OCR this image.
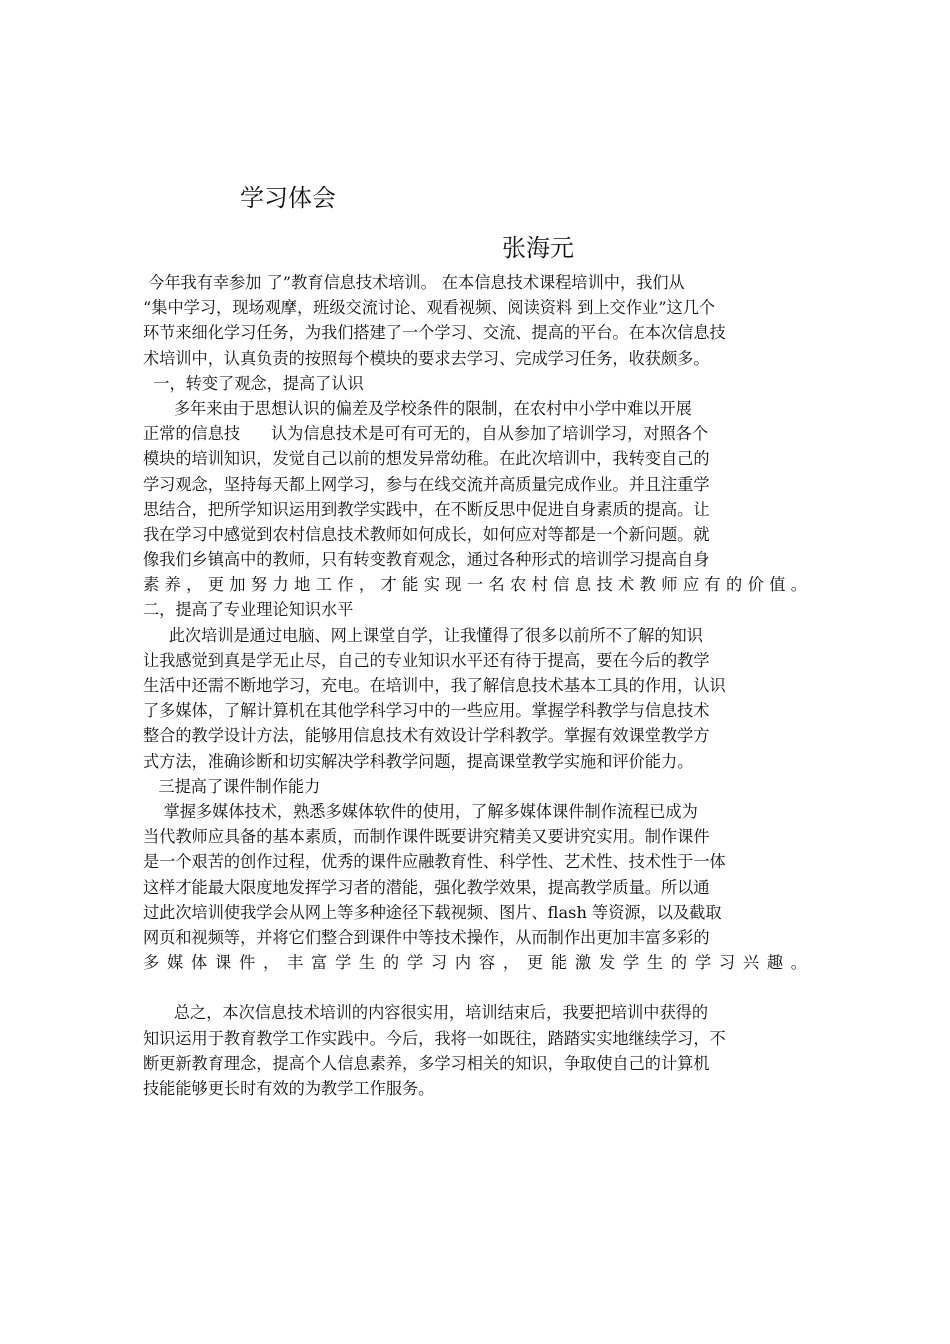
学习体会
张海元
今年我有幸参加 了”教育信息技术培训。 在本信息技术课程培训中，我们从
“集中学习，现场观摩，班级交流讨论、观看视频、阅读资料 到上交作业”这几个
环节来细化学习任务，为我们搭建了一个学习、交流、提高的平台。在本次信息技
术培训中，认真负责的按照每个模块的要求去学习、完成学习任务，收获颇多。
一，转变了观念，提高了认识
多年来由于思想认识的偏差及学校条件的限制，在农村中小学中难以开展
正常的信息技      认为信息技术是可有可无的，自从参加了培训学习，对照各个
模块的培训知识，发觉自己以前的想发异常幼稚。在此次培训中，我转变自己的
学习观念，坚持每天都上网学习，参与在线交流并高质量完成作业。并且注重学
思结合，把所学知识运用到教学实践中，在不断反思中促进自身素质的提高。让
我在学习中感觉到农村信息技术教师如何成长，如何应对等都是一个新问题。就
像我们乡镇高中的教师，只有转变教育观念，通过各种形式的培训学习提高自身
素养，更加努力地工作，才能实现一名农村信息技术教师应有的价值。
二，提高了专业理论知识水平
此次培训是通过电脑、网上课堂自学，让我懂得了很多以前所不了解的知识
让我感觉到真是学无止尽，自己的专业知识水平还有待于提高，要在今后的教学
生活中还需不断地学习，充电。在培训中，我了解信息技术基本工具的作用，认识
了多媒体，了解计算机在其他学科学习中的一些应用。掌握学科教学与信息技术
整合的教学设计方法，能够用信息技术有效设计学科教学。掌握有效课堂教学方
式方法，准确诊断和切实解决学科教学问题，提高课堂教学实施和评价能力。
三提高了课件制作能力
掌握多媒体技术，熟悉多媒体软件的使用，了解多媒体课件制作流程已成为
当代教师应具备的基本素质，而制作课件既要讲究精美又要讲究实用。制作课件
是一个艰苦的创作过程，优秀的课件应融教育性、科学性、艺术性、技术性于一体
这样才能最大限度地发挥学习者的潜能，强化教学效果，提高教学质量。所以通
过此次培训使我学会从网上等多种途径下载视频、图片、flash 等资源，以及截取
网页和视频等，并将它们整合到课件中等技术操作，从而制作出更加丰富多彩的
多媒体课件，丰富学生的学习内容，更能激发学生的学习兴趣。
总之，本次信息技术培训的内容很实用，培训结束后，我要把培训中获得的
知识运用于教育教学工作实践中。今后，我将一如既往，踏踏实实地继续学习，不
断更新教育理念，提高个人信息素养，多学习相关的知识，争取使自己的计算机
技能能够更长时有效的为教学工作服务。
